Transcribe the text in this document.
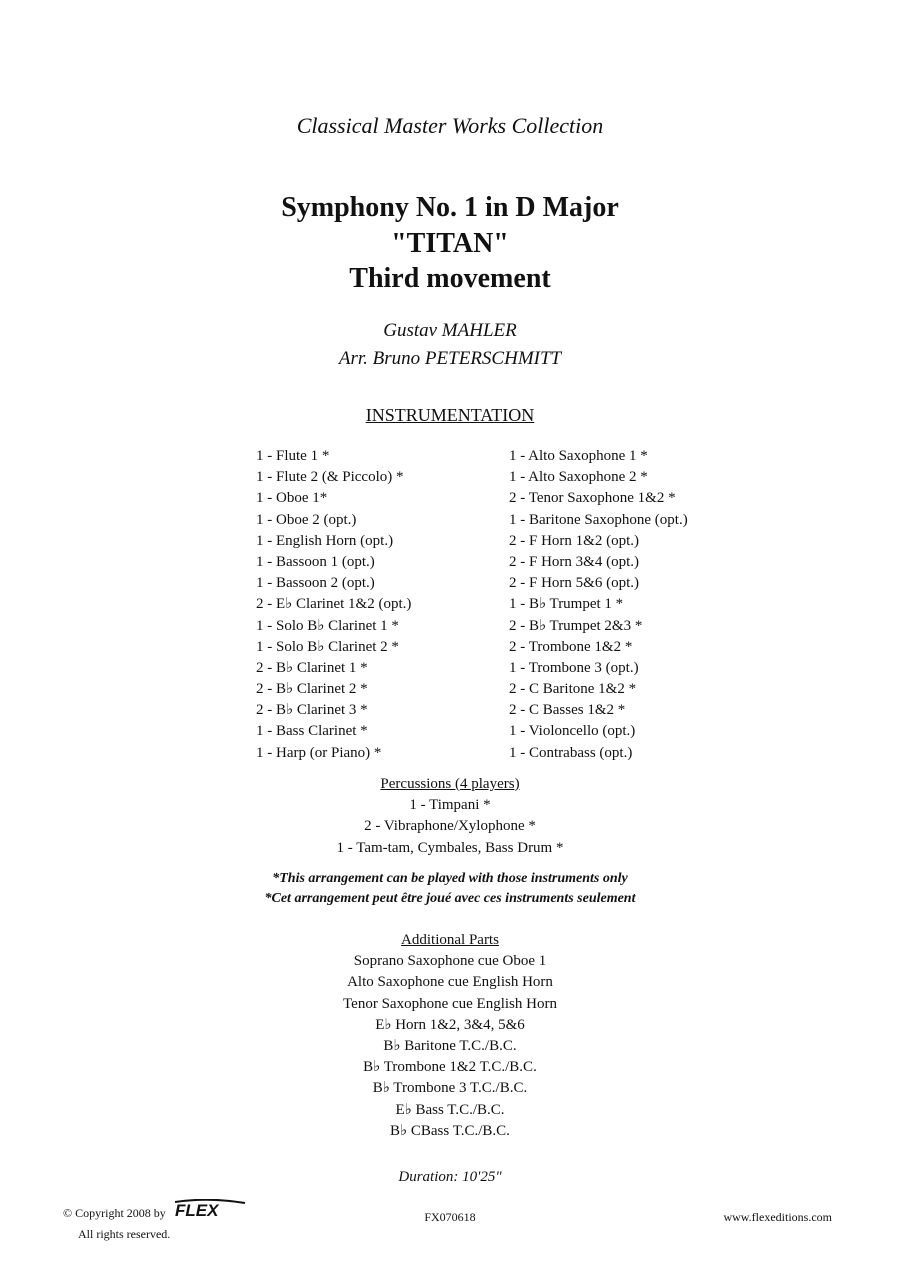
Classical Master Works Collection
Symphony No. 1 in D Major
"TITAN"
Third movement
Gustav MAHLER
Arr. Bruno PETERSCHMITT
INSTRUMENTATION
1 - Flute 1 *
1 - Flute 2 (& Piccolo) *
1 - Oboe 1*
1 - Oboe 2 (opt.)
1 - English Horn (opt.)
1 - Bassoon 1 (opt.)
1 - Bassoon 2 (opt.)
2 - E♭ Clarinet 1&2 (opt.)
1 - Solo B♭ Clarinet 1 *
1 - Solo B♭ Clarinet 2 *
2 - B♭ Clarinet 1 *
2 - B♭ Clarinet 2 *
2 - B♭ Clarinet 3 *
1 - Bass Clarinet *
1 - Harp (or Piano) *
1 - Alto Saxophone 1 *
1 - Alto Saxophone 2 *
2 - Tenor Saxophone 1&2 *
1 - Baritone Saxophone (opt.)
2 - F Horn 1&2 (opt.)
2 - F Horn 3&4 (opt.)
2 - F Horn 5&6 (opt.)
1 - B♭ Trumpet 1 *
2 - B♭ Trumpet 2&3 *
2 - Trombone 1&2 *
1 - Trombone 3 (opt.)
2 - C Baritone 1&2 *
2 - C Basses 1&2 *
1 - Violoncello (opt.)
1 - Contrabass (opt.)
Percussions (4 players)
1 - Timpani *
2 - Vibraphone/Xylophone *
1 - Tam-tam, Cymbales, Bass Drum *
*This arrangement can be played with those instruments only
*Cet arrangement peut être joué avec ces instruments seulement
Additional Parts
Soprano Saxophone cue Oboe 1
Alto Saxophone cue English Horn
Tenor Saxophone cue English Horn
E♭ Horn 1&2, 3&4, 5&6
B♭ Baritone T.C./B.C.
B♭ Trombone 1&2 T.C./B.C.
B♭ Trombone 3 T.C./B.C.
E♭ Bass T.C./B.C.
B♭ CBass T.C./B.C.
Duration: 10'25"
© Copyright 2008 by FLEX
All rights reserved.
FX070618	www.flexeditions.com
